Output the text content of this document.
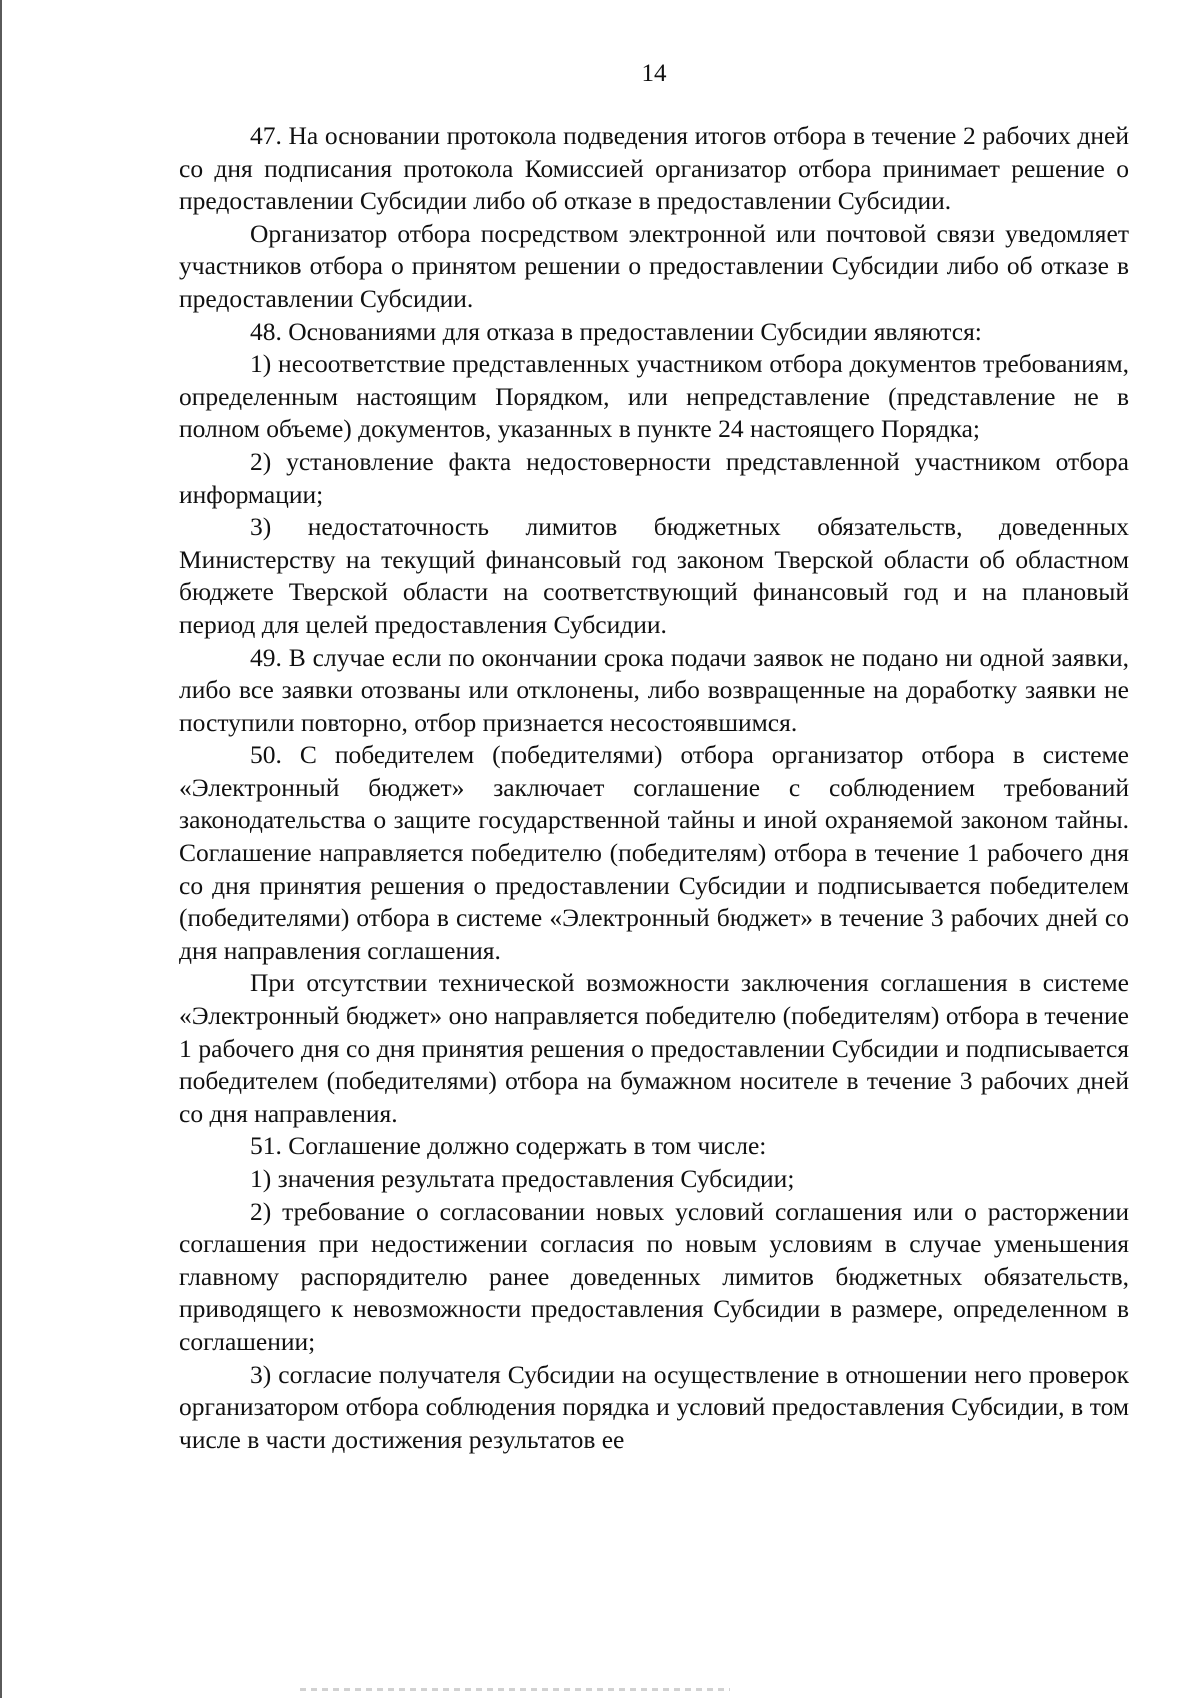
14

47. На основании протокола подведения итогов отбора в течение 2 рабочих дней со дня подписания протокола Комиссией организатор отбора принимает решение о предоставлении Субсидии либо об отказе в предоставлении Субсидии.

Организатор отбора посредством электронной или почтовой связи уведомляет участников отбора о принятом решении о предоставлении Субсидии либо об отказе в предоставлении Субсидии.

48. Основаниями для отказа в предоставлении Субсидии являются:

1) несоответствие представленных участником отбора документов требованиям, определенным настоящим Порядком, или непредставление (представление не в полном объеме) документов, указанных в пункте 24 настоящего Порядка;

2) установление факта недостоверности представленной участником отбора информации;

3) недостаточность лимитов бюджетных обязательств, доведенных Министерству на текущий финансовый год законом Тверской области об областном бюджете Тверской области на соответствующий финансовый год и на плановый период для целей предоставления Субсидии.

49. В случае если по окончании срока подачи заявок не подано ни одной заявки, либо все заявки отозваны или отклонены, либо возвращенные на доработку заявки не поступили повторно, отбор признается несостоявшимся.

50. С победителем (победителями) отбора организатор отбора в системе «Электронный бюджет» заключает соглашение с соблюдением требований законодательства о защите государственной тайны и иной охраняемой законом тайны. Соглашение направляется победителю (победителям) отбора в течение 1 рабочего дня со дня принятия решения о предоставлении Субсидии и подписывается победителем (победителями) отбора в системе «Электронный бюджет» в течение 3 рабочих дней со дня направления соглашения.

При отсутствии технической возможности заключения соглашения в системе «Электронный бюджет» оно направляется победителю (победителям) отбора в течение 1 рабочего дня со дня принятия решения о предоставлении Субсидии и подписывается победителем (победителями) отбора на бумажном носителе в течение 3 рабочих дней со дня направления.

51. Соглашение должно содержать в том числе:

1) значения результата предоставления Субсидии;

2) требование о согласовании новых условий соглашения или о расторжении соглашения при недостижении согласия по новым условиям в случае уменьшения главному распорядителю ранее доведенных лимитов бюджетных обязательств, приводящего к невозможности предоставления Субсидии в размере, определенном в соглашении;

3) согласие получателя Субсидии на осуществление в отношении него проверок организатором отбора соблюдения порядка и условий предоставления Субсидии, в том числе в части достижения результатов ее
